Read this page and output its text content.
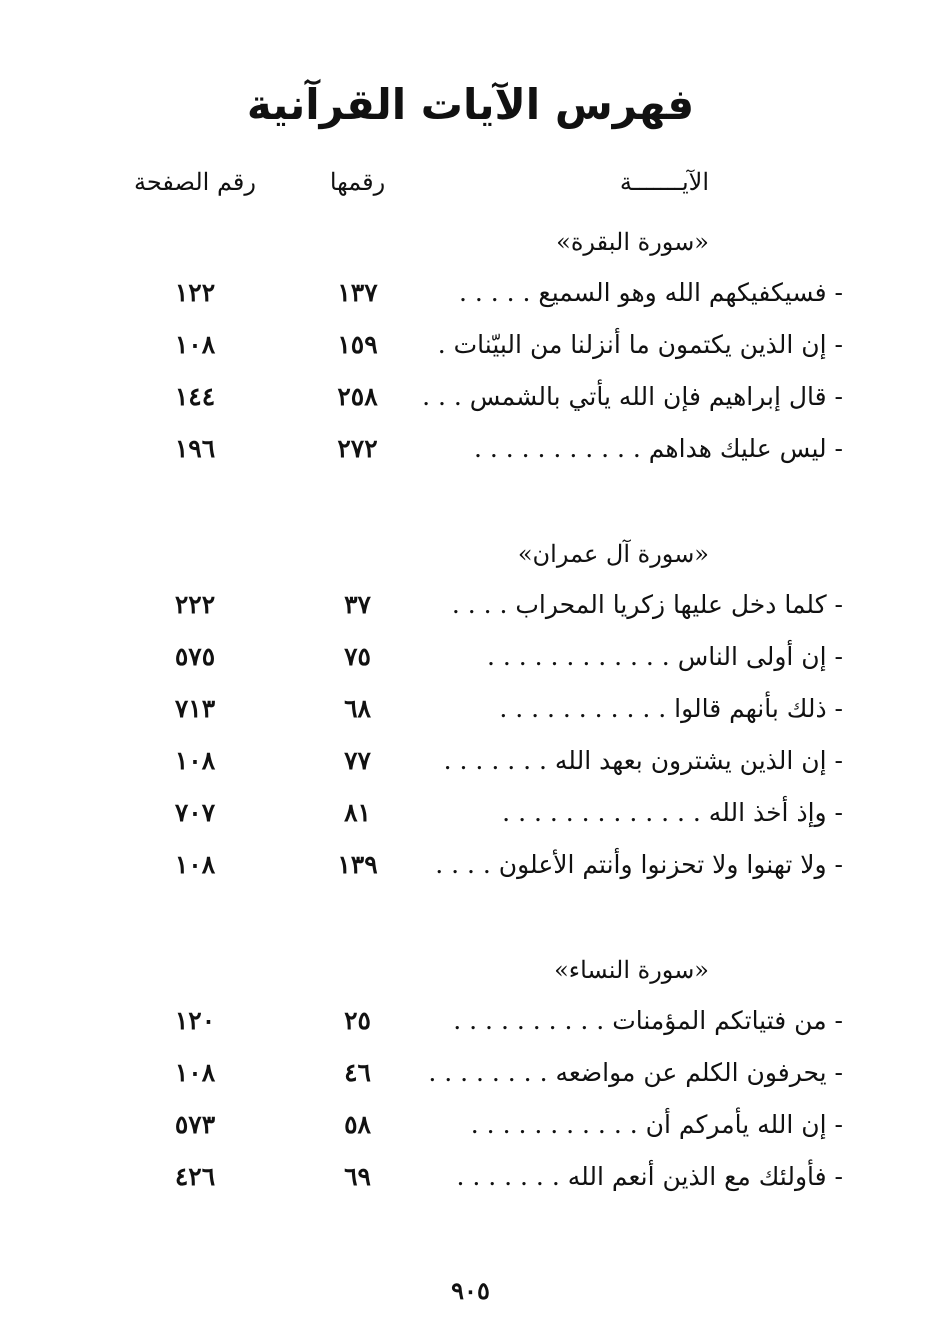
فهرس الآيات القرآنية
الآيـــــــة
رقمها
رقم الصفحة
«سورة البقرة»
- فسيكفيكهم الله وهو السميع . . . . .
١٣٧
١٢٢
- إن الذين يكتمون ما أنزلنا من البيّنات .
١٥٩
١٠٨
- قال إبراهيم فإن الله يأتي بالشمس . . .
٢٥٨
١٤٤
- ليس عليك هداهم . . . . . . . . . . .
٢٧٢
١٩٦
«سورة آل عمران»
- كلما دخل عليها زكريا المحراب . . . .
٣٧
٢٢٢
- إن أولى الناس . . . . . . . . . . . .
٧٥
٥٧٥
- ذلك بأنهم قالوا . . . . . . . . . . .
٦٨
٧١٣
- إن الذين يشترون بعهد الله . . . . . . .
٧٧
١٠٨
- وإذ أخذ الله . . . . . . . . . . . . .
٨١
٧٠٧
- ولا تهنوا ولا تحزنوا وأنتم الأعلون . . . .
١٣٩
١٠٨
«سورة النساء»
- من فتياتكم المؤمنات . . . . . . . . . .
٢٥
١٢٠
- يحرفون الكلم عن مواضعه . . . . . . . .
٤٦
١٠٨
- إن الله يأمركم أن . . . . . . . . . . .
٥٨
٥٧٣
- فأولئك مع الذين أنعم الله . . . . . . .
٦٩
٤٢٦
٩٠٥
